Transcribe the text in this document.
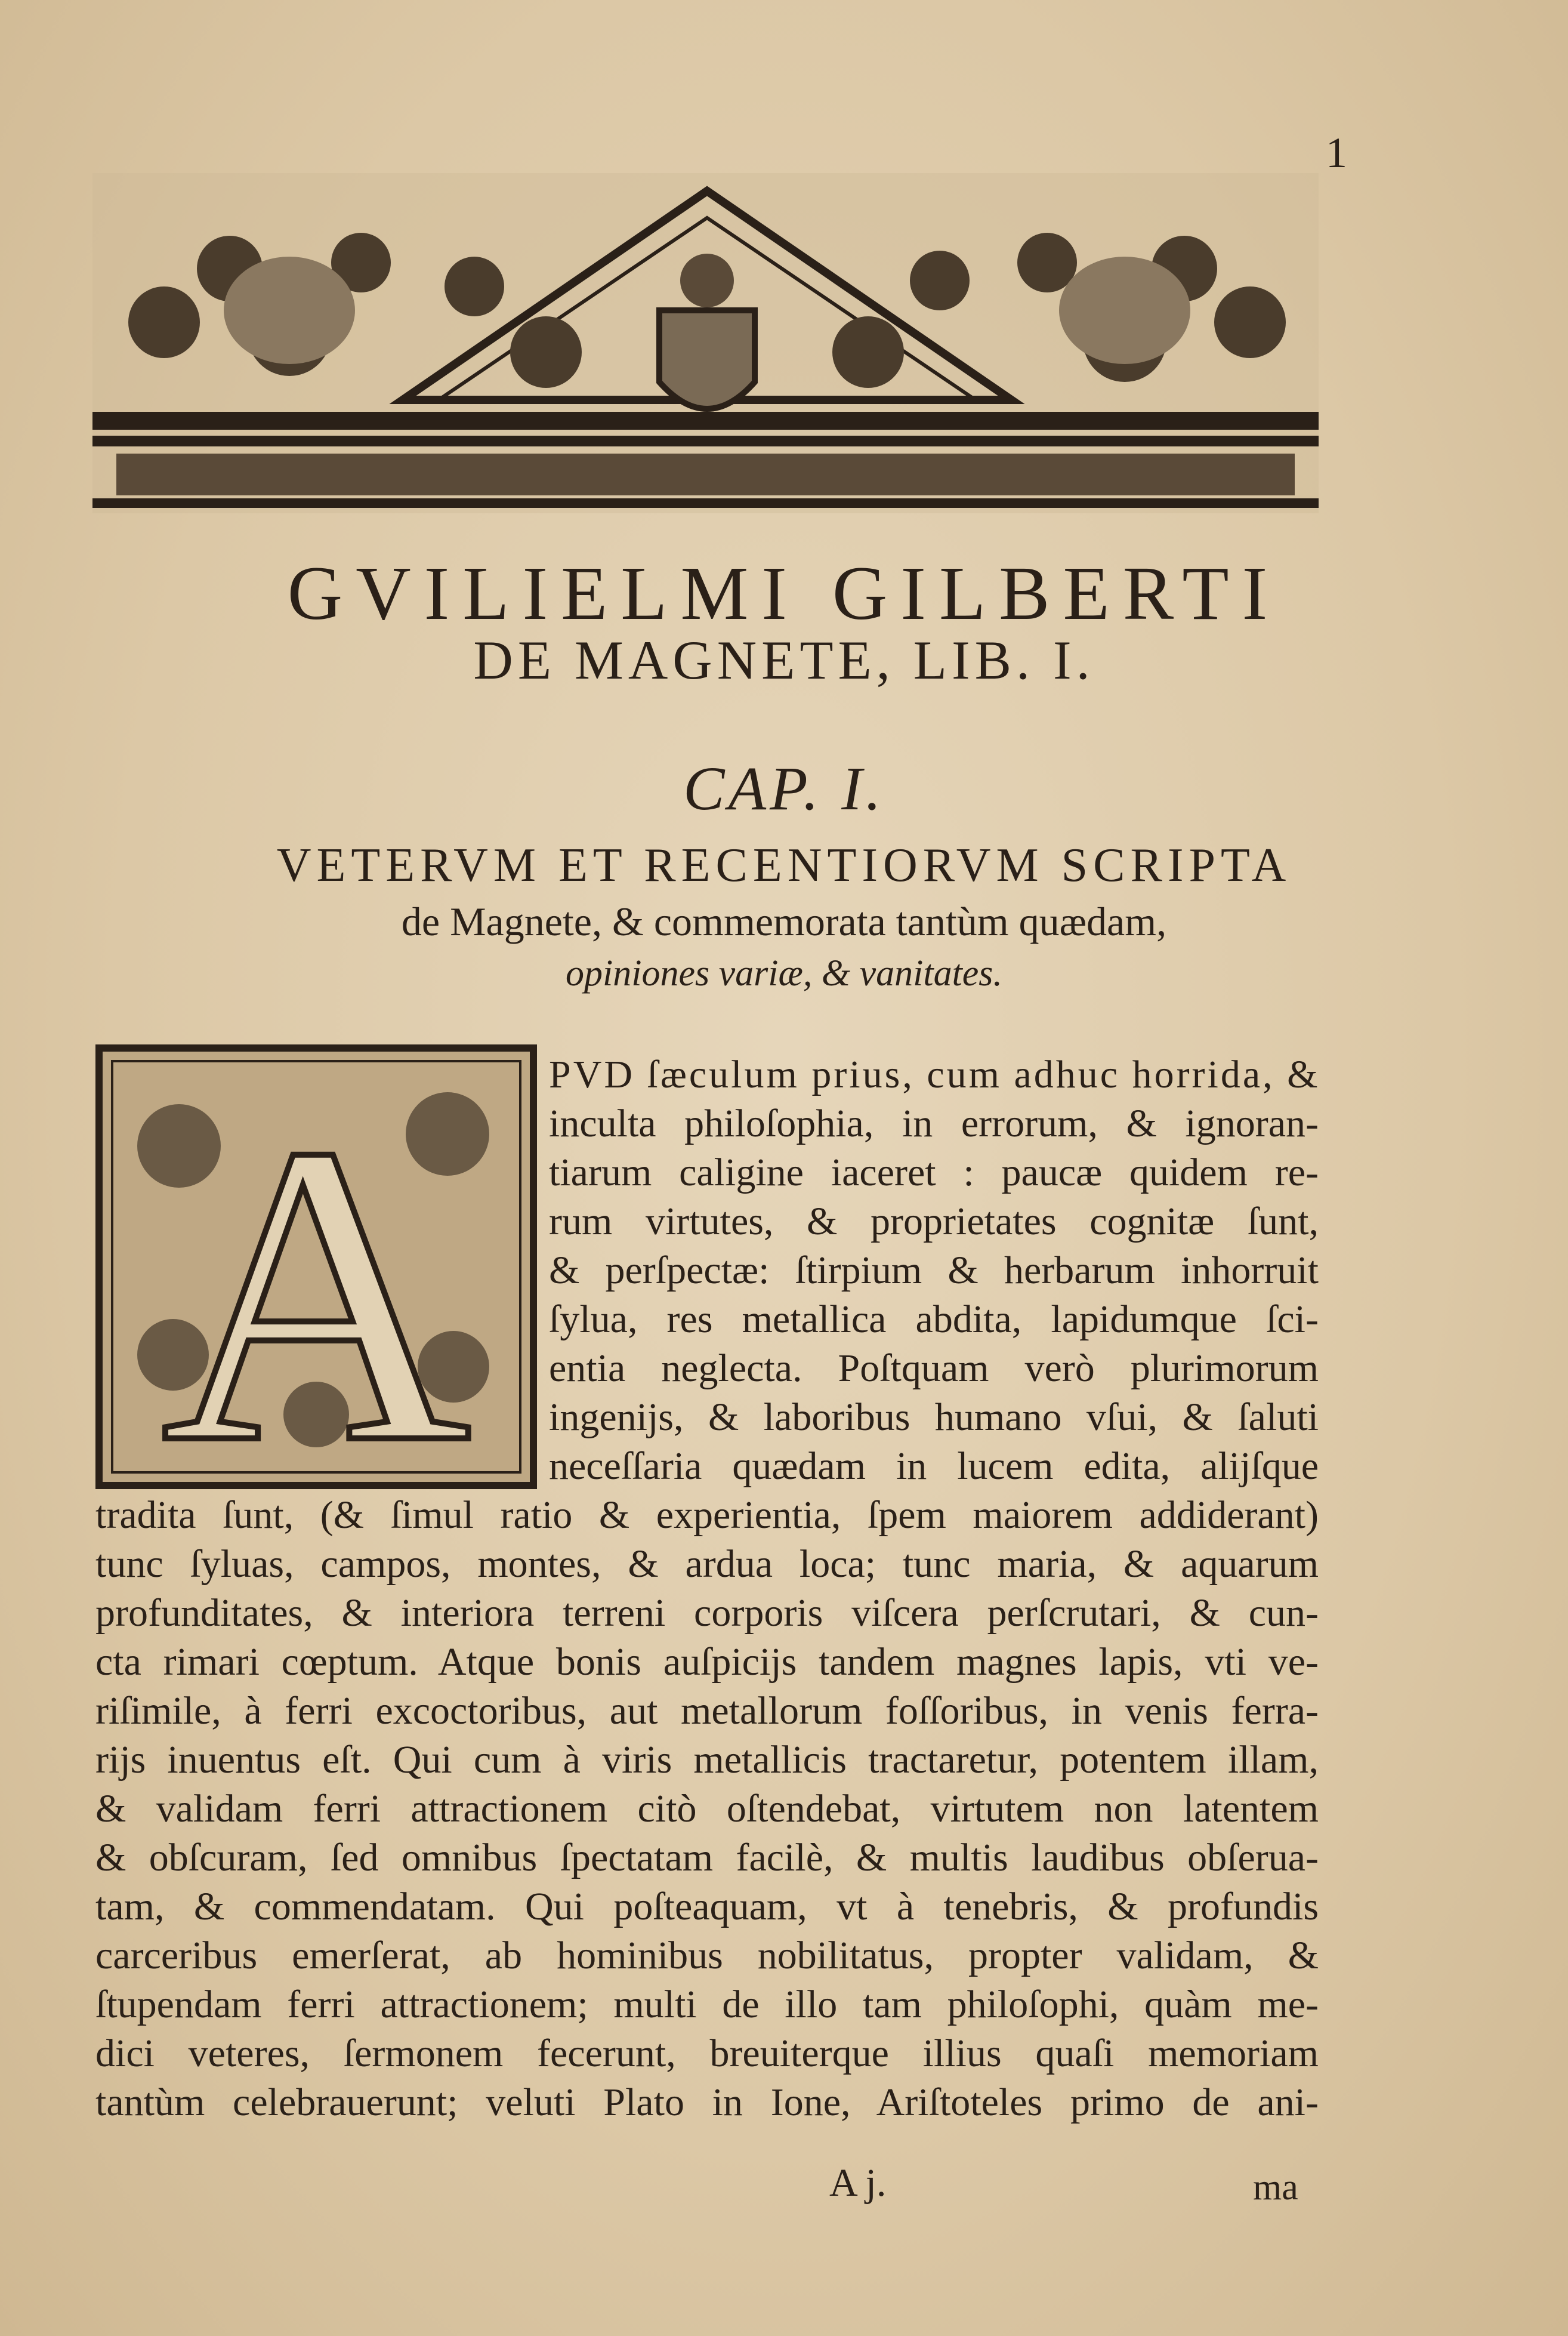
1
GVILIELMI GILBERTI
DE MAGNETE, LIB. I.
CAP. I.
VETERVM ET RECENTIORVM SCRIPTA
de Magnete, & commemorata tantùm quædam,
opiniones variæ, & vanitates.
A PVD ſæculum prius, cum adhuc horrida, &
inculta philoſophia, in errorum, & ignoran-
tiarum caligine iaceret : paucæ quidem re-
rum virtutes, & proprietates cognitæ ſunt,
& perſpectæ: ſtirpium & herbarum inhorruit
ſylua, res metallica abdita, lapidumque ſci-
entia neglecta. Poſtquam verò plurimorum
ingenijs, & laboribus humano vſui, & ſaluti
neceſſaria quædam in lucem edita, alijſque
tradita ſunt, (& ſimul ratio & experientia, ſpem maiorem addiderant)
tunc ſyluas, campos, montes, & ardua loca; tunc maria, & aquarum
profunditates, & interiora terreni corporis viſcera perſcrutari, & cun-
cta rimari cœptum. Atque bonis auſpicijs tandem magnes lapis, vti ve-
riſimile, à ferri excoctoribus, aut metallorum foſſoribus, in venis ferra-
rijs inuentus eſt. Qui cum à viris metallicis tractaretur, potentem illam,
& validam ferri attractionem citò oſtendebat, virtutem non latentem
& obſcuram, ſed omnibus ſpectatam facilè, & multis laudibus obſerua-
tam, & commendatam. Qui poſteaquam, vt à tenebris, & profundis
carceribus emerſerat, ab hominibus nobilitatus, propter validam, &
ſtupendam ferri attractionem; multi de illo tam philoſophi, quàm me-
dici veteres, ſermonem fecerunt, breuiterque illius quaſi memoriam
tantùm celebrauerunt; veluti Plato in Ione, Ariſtoteles primo de ani-
A j.	ma
